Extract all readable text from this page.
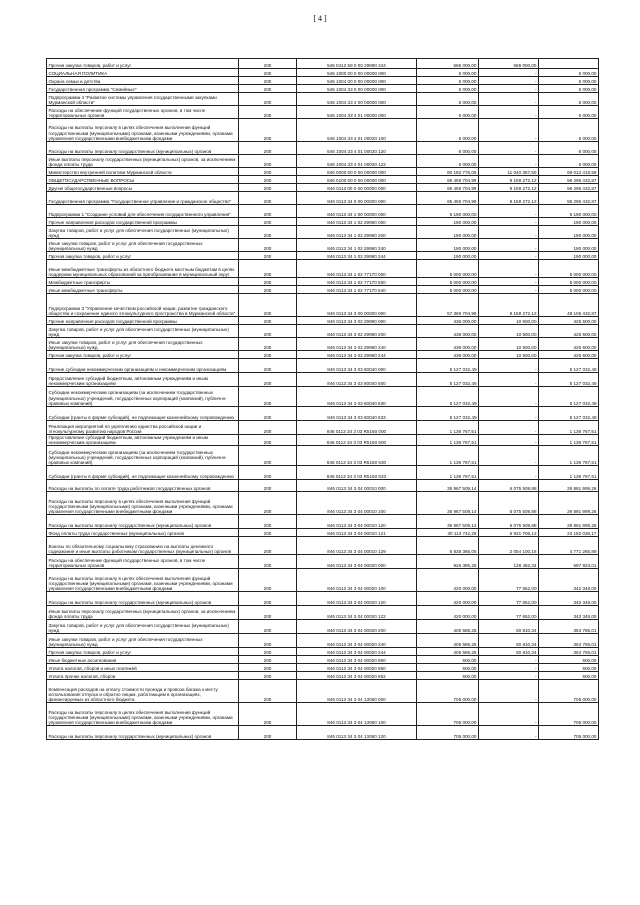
[ 4 ]
Прочая закупка товаров, работ и услуг	200	545 0412 59 0 00 29990 244	665 000,00	665 000,00	
СОЦИАЛЬНАЯ ПОЛИТИКА	200	545 1000 00 0 00 00000 000	6 000,00	-	6 000,00
Охрана семьи и детства	200	545 1004 00 0 00 00000 000	6 000,00	-	6 000,00
Государственная программа "Семейные"	200	545 1004 33 0 00 00000 000	6 000,00	-	6 000,00
Подпрограмма 4 "Развитие системы управления государственными закупками Мурманской области"	200	545 1004 33 4 00 00000 000	6 000,00	-	6 000,00
Расходы на обеспечение функций государственных органов, в том числе территориальных органов	200	545 1004 33 4 01 00000 000	6 000,00	-	6 000,00
Расходы на выплаты персоналу в целях обеспечения выполнения функций государственными (муниципальными) органами, казенными учреждениями, органами управления государственными внебюджетными фондами	200	545 1004 33 4 01 00020 100	6 000,00	-	6 000,00
Расходы на выплаты персоналу государственных (муниципальных) органов	200	545 1004 33 4 01 00020 120	6 000,00	-	6 000,00
Иные выплаты персоналу государственных (муниципальных) органов, за исключением фонда оплаты труда	200	545 1004 33 4 01 00020 122	6 000,00	-	6 000,00
Министерство внутренней политики Мурманской области	200	846 0000 00 0 00 00000 000	80 182 776,09	11 040 357,50	69 012 418,59
ОБЩЕГОСУДАРСТВЕННЫЕ ВОПРОСЫ	200	846 0100 00 0 00 00000 000	65 455 704,99	9 159 272,12	56 296 432,87
Другие общегосударственные вопросы	200	846 0113 00 0 00 00000 000	65 455 704,99	9 159 272,12	56 296 432,87
Государственная программа "Государственное управление и гражданское общество"	200	846 0113 34 0 00 00000 000	65 455 704,99	9 159 272,12	56 296 432,87
Подпрограмма 1 "Создание условий для обеспечения государственного управления"	200	846 0113 34 1 00 00000 000	5 190 000,00	-	5 190 000,00
Прочие направления расходов государственной программы	200	846 0113 34 1 02 29990 000	190 000,00	-	190 000,00
Закупка товаров, работ и услуг для обеспечения государственных (муниципальных) нужд	200	846 0113 34 1 02 29990 200	190 000,00	-	190 000,00
Иные закупки товаров, работ и услуг для обеспечения государственных (муниципальных) нужд	200	846 0113 34 1 02 29990 240	190 000,00	-	190 000,00
Прочая закупка товаров, работ и услуг	200	846 0113 34 1 02 29990 244	190 000,00	-	190 000,00
Иные межбюджетные трансферты из областного бюджета местным бюджетам в целях поддержки муниципальных образований за преобразование в муниципальный округ	200	846 0113 34 1 02 77170 000	5 000 000,00	-	5 000 000,00
Межбюджетные трансферты	200	846 0113 34 1 02 77170 500	5 000 000,00	-	5 000 000,00
Иные межбюджетные трансферты	200	846 0113 34 1 02 77170 540	5 000 000,00	-	5 000 000,00
Подпрограмма 3 "Управление качеством российской нации, развитие гражданского общества и сохранение единого этнокультурного пространства в Мурманской области"	200	846 0113 34 3 00 00000 000	57 365 704,99	9 159 272,12	48 106 432,87
Прочие направления расходов государственной программы	200	846 0113 34 3 02 29990 000	436 000,00	10 500,00	425 500,00
Закупка товаров, работ и услуг для обеспечения государственных (муниципальных) нужд	200	846 0113 34 3 02 29990 200	436 000,00	10 500,00	425 500,00
Иные закупки товаров, работ и услуг для обеспечения государственных (муниципальных) нужд	200	846 0113 34 3 02 29990 240	436 000,00	10 500,00	425 500,00
Прочая закупка товаров, работ и услуг	200	846 0113 34 3 02 29990 244	436 000,00	10 500,00	425 500,00
Прочие субсидии некоммерческим организациям и некоммерческим организациям	200	846 0113 34 3 03 60040 000	5 127 032,49	-	5 127 032,49
Предоставление субсидий бюджетным, автономным учреждениям и иным некоммерческим организациям	200	846 0113 34 3 03 60040 600	5 127 032,49	-	5 127 032,49
Субсидии некоммерческим организациям (за исключением государственных (муниципальных) учреждений, государственных корпораций (компаний), публично-правовых компаний)	200	846 0113 34 3 03 60040 630	5 127 032,49	-	5 127 032,49
Субсидии (гранты в форме субсидий), не подлежащие казначейскому сопровождению	200	846 0113 34 3 03 60040 633	5 127 032,49	-	5 127 032,49
Реализация мероприятий по укреплению единства российской нации и этнокультурному развитию народов России	200	846 0113 34 3 03 R5160 000	1 136 767,51	-	1 136 767,51
Предоставление субсидий бюджетным, автономным учреждениям и иным некоммерческим организациям	200	846 0113 34 3 03 R5160 600	1 136 767,51	-	1 136 767,51
Субсидии некоммерческим организациям (за исключением государственных (муниципальных) учреждений, государственных корпораций (компаний), публично-правовых компаний)	200	846 0113 34 3 03 R5160 630	1 136 767,51	-	1 136 767,51
Субсидии (гранты в форме субсидий), не подлежащие казначейскому сопровождению	200	846 0113 34 3 03 R5160 633	1 136 767,51	-	1 136 767,51
Расходы на выплаты по оплате труда работников государственных органов	200	846 0113 34 3 04 00010 000	35 967 509,14	6 075 509,88	29 891 999,26
Расходы на выплаты персоналу в целях обеспечения выполнения функций государственными (муниципальными) органами, казенными учреждениями, органами управления государственными внебюджетными фондами	200	846 0113 34 3 04 00010 100	35 967 509,14	6 075 509,88	29 891 999,26
Расходы на выплаты персоналу государственных (муниципальных) органов	200	846 0113 34 3 04 00010 120	35 967 509,14	6 075 509,88	29 891 999,26
Фонд оплаты труда государственных (муниципальных) органов	200	846 0113 34 3 04 00010 121	30 113 742,29	6 931 706,12	23 182 036,17
Взносы по обязательному социальному страхованию на выплаты денежного содержания и иные выплаты работникам государственных (муниципальных) органов	200	846 0113 34 3 04 00010 129	6 835 366,05	2 054 100,16	4 771 265,89
Расходы на обеспечение функций государственных органов, в том числе территориальных органов	200	846 0113 34 3 04 00020 000	926 385,25	128 462,34	697 923,01
Расходы на выплаты персоналу в целях обеспечения выполнения функций государственными (муниципальными) органами, казенными учреждениями, органами управления государственными внебюджетными фондами	200	846 0113 34 3 04 00020 100	420 000,00	77 652,00	342 348,00
Расходы на выплаты персоналу государственных (муниципальных) органов	200	846 0113 34 3 04 00020 120	420 000,00	77 652,00	342 348,00
Иные выплаты персоналу государственных (муниципальных) органов, за исключением фонда оплаты труда	200	846 0113 34 3 04 00020 122	420 000,00	77 652,00	342 348,00
Закупка товаров, работ и услуг для обеспечения государственных (муниципальных) нужд	200	846 0113 34 3 04 00020 200	405 585,25	50 810,34	354 765,01
Иные закупки товаров, работ и услуг для обеспечения государственных (муниципальных) нужд	200	846 0113 34 3 04 00020 240	405 585,25	50 810,34	354 765,01
Прочая закупка товаров, работ и услуг	200	846 0113 34 3 04 00020 244	405 585,25	50 810,34	354 765,01
Иные бюджетные ассигнования	200	846 0113 34 3 04 00020 800	500,00	-	500,00
Уплата налогов, сборов и иных платежей	200	846 0113 34 3 04 00020 850	500,00	-	500,00
Уплата прочих налогов, сборов	200	846 0113 34 3 04 00020 852	500,00	-	500,00
Компенсация расходов на оплату стоимости проезда и провоза багажа к месту использования отпуска и обратно лицам, работающим в организациях, финансируемых из областного бюджета	200	846 0113 34 3 04 13060 000	705 000,00	-	705 000,00
Расходы на выплаты персоналу в целях обеспечения выполнения функций государственными (муниципальными) органами, казенными учреждениями, органами управления государственными внебюджетными фондами	200	846 0113 34 3 04 13060 100	705 000,00	-	705 000,00
Расходы на выплаты персоналу государственных (муниципальных) органов	200	846 0113 34 3 04 13060 120	705 000,00	-	705 000,00
